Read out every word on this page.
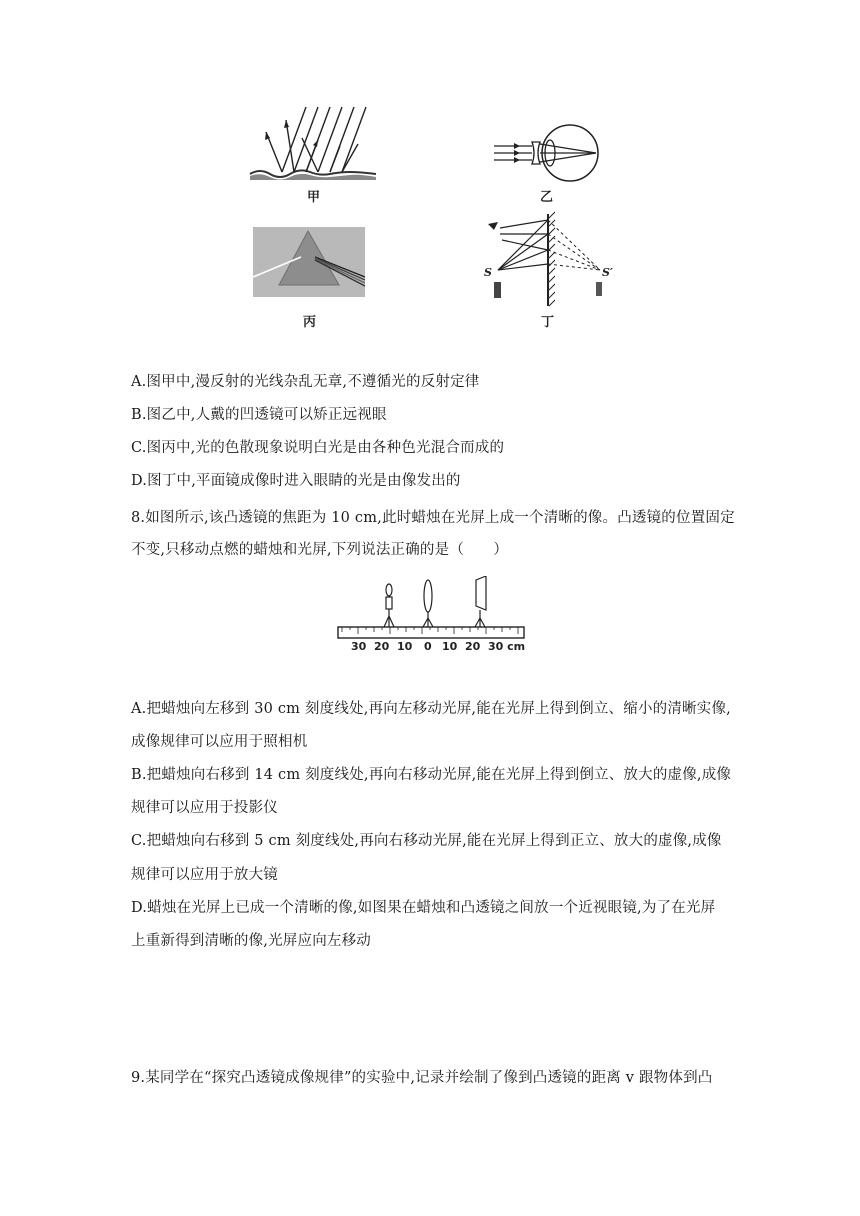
甲	乙
丙
S	S′
丁
A.图甲中,漫反射的光线杂乱无章,不遵循光的反射定律
B.图乙中,人戴的凹透镜可以矫正远视眼
C.图丙中,光的色散现象说明白光是由各种色光混合而成的
D.图丁中,平面镜成像时进入眼睛的光是由像发出的
8.如图所示,该凸透镜的焦距为 10 cm,此时蜡烛在光屏上成一个清晰的像。凸透镜的位置固定
不变,只移动点燃的蜡烛和光屏,下列说法正确的是（　　）
30 20 10 0 10 20 30 cm
A.把蜡烛向左移到 30 cm 刻度线处,再向左移动光屏,能在光屏上得到倒立、缩小的清晰实像,
成像规律可以应用于照相机
B.把蜡烛向右移到 14 cm 刻度线处,再向右移动光屏,能在光屏上得到倒立、放大的虚像,成像
规律可以应用于投影仪
C.把蜡烛向右移到 5 cm 刻度线处,再向右移动光屏,能在光屏上得到正立、放大的虚像,成像
规律可以应用于放大镜
D.蜡烛在光屏上已成一个清晰的像,如图果在蜡烛和凸透镜之间放一个近视眼镜,为了在光屏
上重新得到清晰的像,光屏应向左移动
9.某同学在“探究凸透镜成像规律”的实验中,记录并绘制了像到凸透镜的距离 v 跟物体到凸
